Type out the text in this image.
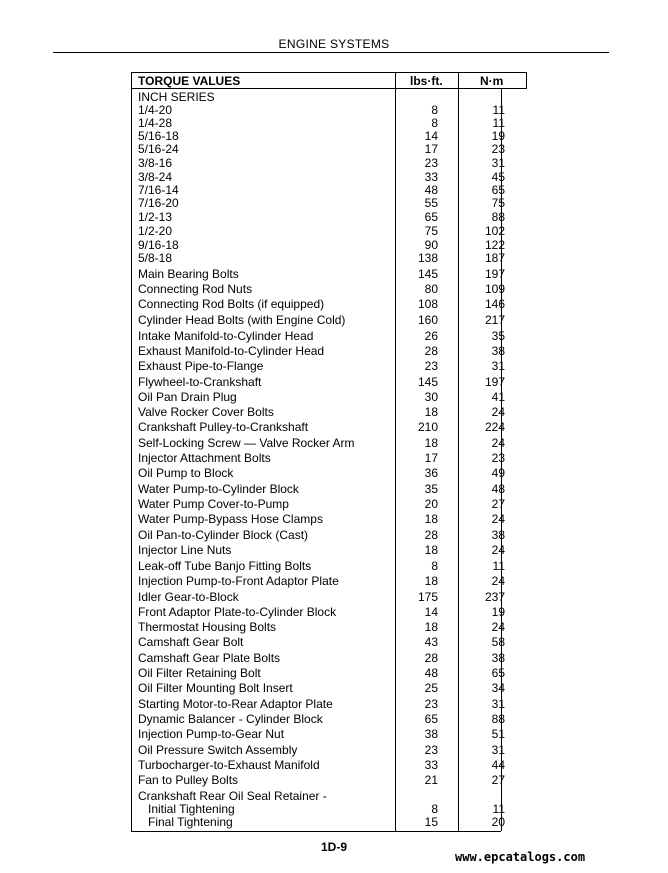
ENGINE SYSTEMS
TORQUE VALUES	lbs·ft.	N·m
INCH SERIES
1/4-20	8	11
1/4-28	8	11
5/16-18	14	19
5/16-24	17	23
3/8-16	23	31
3/8-24	33	45
7/16-14	48	65
7/16-20	55	75
1/2-13	65	88
1/2-20	75	102
9/16-18	90	122
5/8-18	138	187
Main Bearing Bolts	145	197
Connecting Rod Nuts	80	109
Connecting Rod Bolts (if equipped)	108	146
Cylinder Head Bolts (with Engine Cold)	160	217
Intake Manifold-to-Cylinder Head	26	35
Exhaust Manifold-to-Cylinder Head	28	38
Exhaust Pipe-to-Flange	23	31
Flywheel-to-Crankshaft	145	197
Oil Pan Drain Plug	30	41
Valve Rocker Cover Bolts	18	24
Crankshaft Pulley-to-Crankshaft	210	224
Self-Locking Screw — Valve Rocker Arm	18	24
Injector Attachment Bolts	17	23
Oil Pump to Block	36	49
Water Pump-to-Cylinder Block	35	48
Water Pump Cover-to-Pump	20	27
Water Pump-Bypass Hose Clamps	18	24
Oil Pan-to-Cylinder Block (Cast)	28	38
Injector Line Nuts	18	24
Leak-off Tube Banjo Fitting Bolts	8	11
Injection Pump-to-Front Adaptor Plate	18	24
Idler Gear-to-Block	175	237
Front Adaptor Plate-to-Cylinder Block	14	19
Thermostat Housing Bolts	18	24
Camshaft Gear Bolt	43	58
Camshaft Gear Plate Bolts	28	38
Oil Filter Retaining Bolt	48	65
Oil Filter Mounting Bolt Insert	25	34
Starting Motor-to-Rear Adaptor Plate	23	31
Dynamic Balancer - Cylinder Block	65	88
Injection Pump-to-Gear Nut	38	51
Oil Pressure Switch Assembly	23	31
Turbocharger-to-Exhaust Manifold	33	44
Fan to Pulley Bolts	21	27
Crankshaft Rear Oil Seal Retainer -
Initial Tightening	8	11
Final Tightening	15	20
1D-9
www.epcatalogs.com
